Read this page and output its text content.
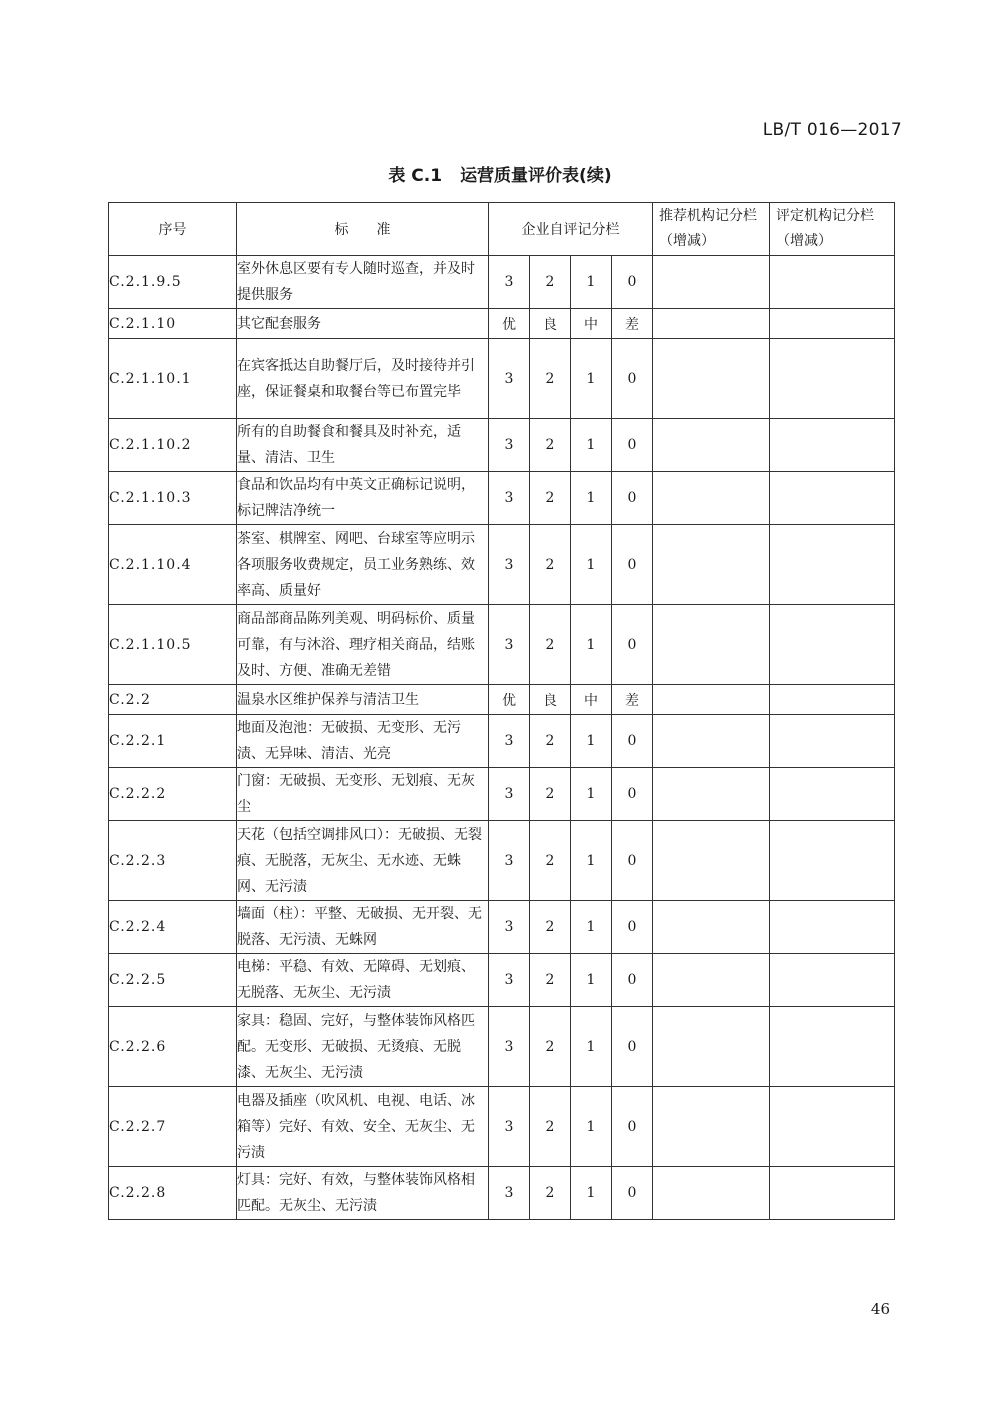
LB/T 016—2017
表 C.1 运营质量评价表(续)
序号	标　　准	企业自评记分栏				推荐机构记分栏（增减）	评定机构记分栏（增减）
C.2.1.9.5	室外休息区要有专人随时巡查，并及时提供服务	3	2	1	0		
C.2.1.10	其它配套服务	优	良	中	差		
C.2.1.10.1	在宾客抵达自助餐厅后，及时接待并引座，保证餐桌和取餐台等已布置完毕	3	2	1	0		
C.2.1.10.2	所有的自助餐食和餐具及时补充，适量、清洁、卫生	3	2	1	0		
C.2.1.10.3	食品和饮品均有中英文正确标记说明，标记牌洁净统一	3	2	1	0		
C.2.1.10.4	茶室、棋牌室、网吧、台球室等应明示各项服务收费规定，员工业务熟练、效率高、质量好	3	2	1	0		
C.2.1.10.5	商品部商品陈列美观、明码标价、质量可靠，有与沐浴、理疗相关商品，结账及时、方便、准确无差错	3	2	1	0		
C.2.2	温泉水区维护保养与清洁卫生	优	良	中	差		
C.2.2.1	地面及泡池：无破损、无变形、无污渍、无异味、清洁、光亮	3	2	1	0		
C.2.2.2	门窗：无破损、无变形、无划痕、无灰尘	3	2	1	0		
C.2.2.3	天花（包括空调排风口）：无破损、无裂痕、无脱落，无灰尘、无水迹、无蛛网、无污渍	3	2	1	0		
C.2.2.4	墙面（柱）：平整、无破损、无开裂、无脱落、无污渍、无蛛网	3	2	1	0		
C.2.2.5	电梯：平稳、有效、无障碍、无划痕、无脱落、无灰尘、无污渍	3	2	1	0		
C.2.2.6	家具：稳固、完好，与整体装饰风格匹配。无变形、无破损、无烫痕、无脱漆、无灰尘、无污渍	3	2	1	0		
C.2.2.7	电器及插座（吹风机、电视、电话、冰箱等）完好、有效、安全、无灰尘、无污渍	3	2	1	0		
C.2.2.8	灯具：完好、有效，与整体装饰风格相匹配。无灰尘、无污渍	3	2	1	0		
46
